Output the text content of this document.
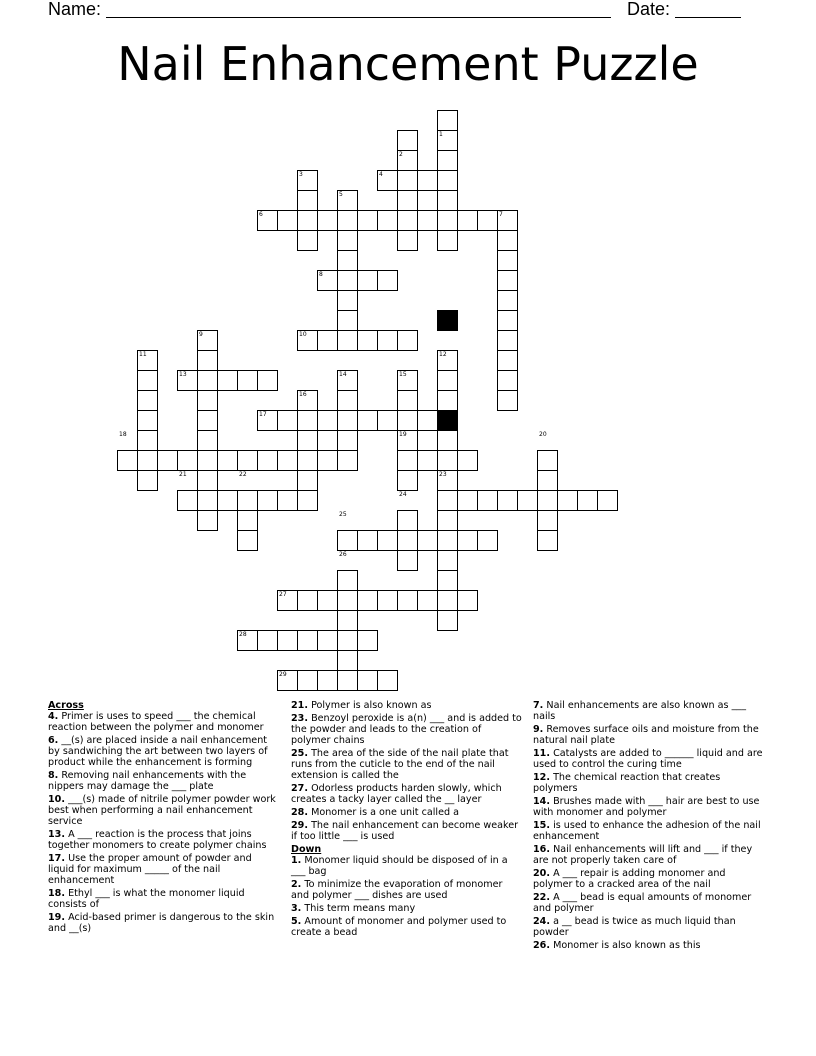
Name:	Date:
Nail Enhancement Puzzle
1
2
3	4
5
6	7
8
9	10
11	12
13	14	15
16
17
18	19	20
21	22	23
24
25
26
27
28
29
Across
4. Primer is uses to speed ___ the chemical reaction between the polymer and monomer
6. __(s) are placed inside a nail enhancement by sandwiching the art between two layers of product while the enhancement is forming
8. Removing nail enhancements with the nippers may damage the ___ plate
10. ___(s) made of nitrile polymer powder work best when performing a nail enhancement service
13. A ___ reaction is the process that joins together monomers to create polymer chains
17. Use the proper amount of powder and liquid for maximum _____ of the nail enhancement
18. Ethyl ___ is what the monomer liquid consists of
19. Acid-based primer is dangerous to the skin and __(s)
21. Polymer is also known as
23. Benzoyl peroxide is a(n) ___ and is added to the powder and leads to the creation of polymer chains
25. The area of the side of the nail plate that runs from the cuticle to the end of the nail extension is called the
27. Odorless products harden slowly, which creates a tacky layer called the __ layer
28. Monomer is a one unit called a
29. The nail enhancement can become weaker if too little ___ is used
Down
1. Monomer liquid should be disposed of in a ___ bag
2. To minimize the evaporation of monomer and polymer ___ dishes are used
3. This term means many
5. Amount of monomer and polymer used to create a bead
7. Nail enhancements are also known as ___ nails
9. Removes surface oils and moisture from the natural nail plate
11. Catalysts are added to ______ liquid and are used to control the curing time
12. The chemical reaction that creates polymers
14. Brushes made with ___ hair are best to use with monomer and polymer
15. is used to enhance the adhesion of the nail enhancement
16. Nail enhancements will lift and ___ if they are not properly taken care of
20. A ___ repair is adding monomer and polymer to a cracked area of the nail
22. A ___ bead is equal amounts of monomer and polymer
24. a __ bead is twice as much liquid than powder
26. Monomer is also known as this
